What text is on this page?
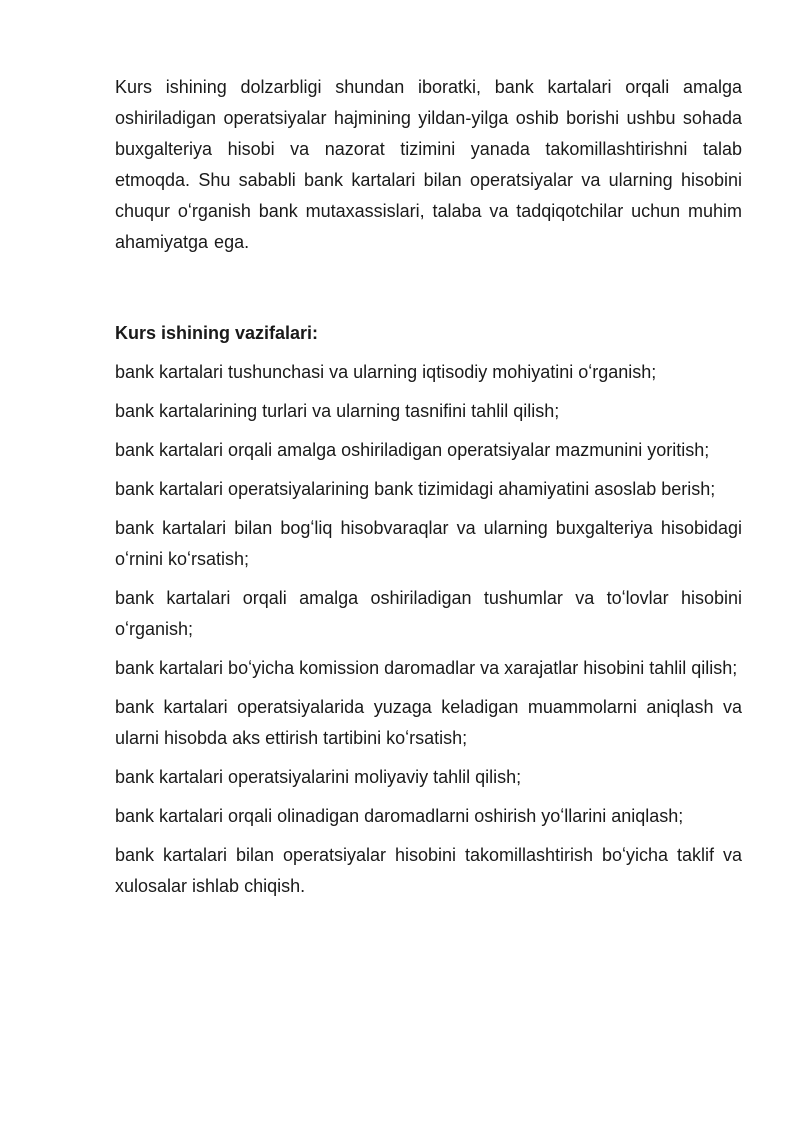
Kurs ishining dolzarbligi shundan iboratki, bank kartalari orqali amalga oshiriladigan operatsiyalar hajmining yildan-yilga oshib borishi ushbu sohada buxgalteriya hisobi va nazorat tizimini yanada takomillashtirishni talab etmoqda. Shu sababli bank kartalari bilan operatsiyalar va ularning hisobini chuqur oʻrganish bank mutaxassislari, talaba va tadqiqotchilar uchun muhim ahamiyatga ega.

Kurs ishining vazifalari:
bank kartalari tushunchasi va ularning iqtisodiy mohiyatini oʻrganish;
bank kartalarining turlari va ularning tasnifini tahlil qilish;
bank kartalari orqali amalga oshiriladigan operatsiyalar mazmunini yoritish;
bank kartalari operatsiyalarining bank tizimidagi ahamiyatini asoslab berish;
bank kartalari bilan bogʻliq hisobvaraqlar va ularning buxgalteriya hisobidagi oʻrnini koʻrsatish;
bank kartalari orqali amalga oshiriladigan tushumlar va toʻlovlar hisobini oʻrganish;
bank kartalari boʻyicha komission daromadlar va xarajatlar hisobini tahlil qilish;
bank kartalari operatsiyalarida yuzaga keladigan muammolarni aniqlash va ularni hisobda aks ettirish tartibini koʻrsatish;
bank kartalari operatsiyalarini moliyaviy tahlil qilish;
bank kartalari orqali olinadigan daromadlarni oshirish yoʻllarini aniqlash;
bank kartalari bilan operatsiyalar hisobini takomillashtirish boʻyicha taklif va xulosalar ishlab chiqish.
